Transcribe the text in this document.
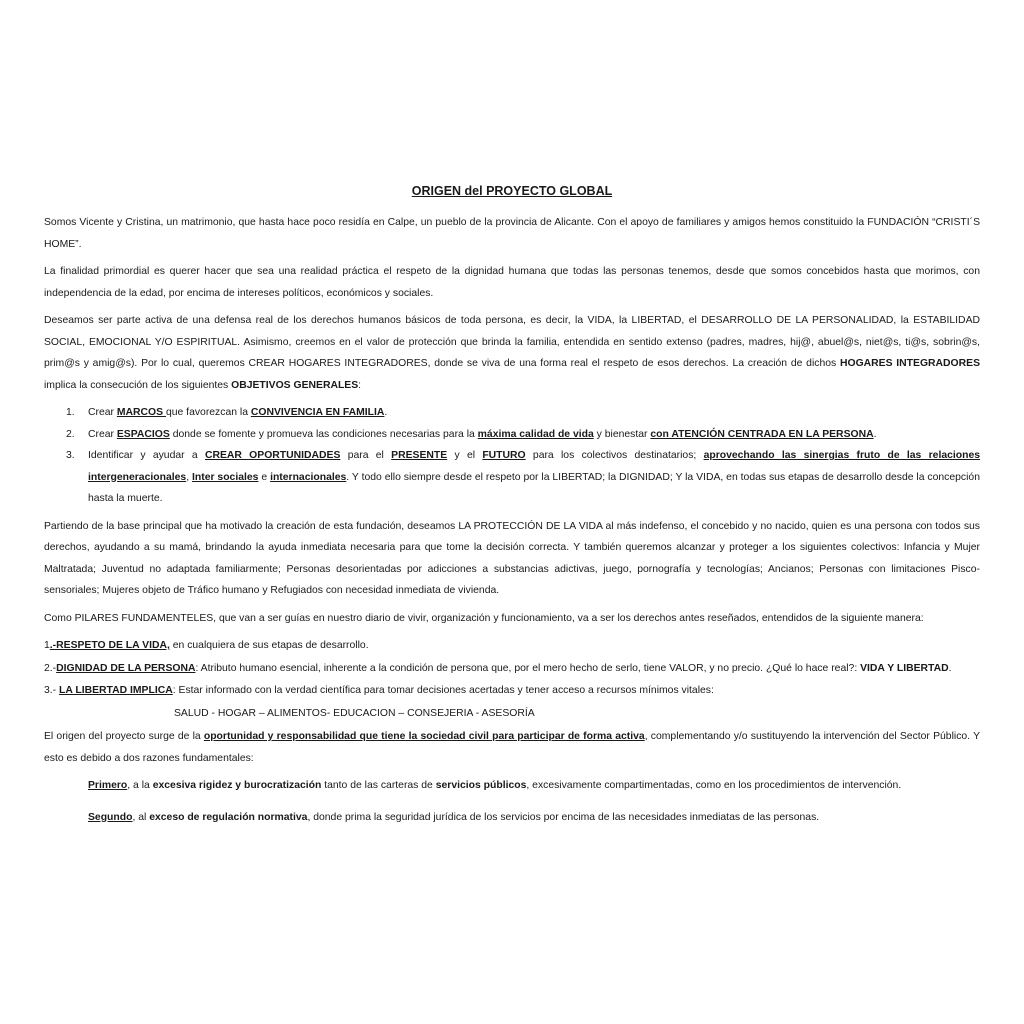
ORIGEN del PROYECTO GLOBAL

Somos Vicente y Cristina, un matrimonio, que hasta hace poco residía en Calpe, un pueblo de la provincia de Alicante. Con el apoyo de familiares y amigos hemos constituido la FUNDACIÓN “CRISTI´S HOME”.

La finalidad primordial es querer hacer que sea una realidad práctica el respeto de la dignidad humana que todas las personas tenemos, desde que somos concebidos hasta que morimos, con independencia de la edad, por encima de intereses políticos, económicos y sociales.

Deseamos ser parte activa de una defensa real de los derechos humanos básicos de toda persona, es decir, la VIDA, la LIBERTAD, el DESARROLLO DE LA PERSONALIDAD, la ESTABILIDAD SOCIAL, EMOCIONAL Y/O ESPIRITUAL. Asimismo, creemos en el valor de protección que brinda la familia, entendida en sentido extenso (padres, madres, hij@, abuel@s, niet@s, ti@s, sobrin@s, prim@s y amig@s). Por lo cual, queremos CREAR HOGARES INTEGRADORES, donde se viva de una forma real el respeto de esos derechos. La creación de dichos HOGARES INTEGRADORES implica la consecución de los siguientes OBJETIVOS GENERALES:

1. Crear MARCOS que favorezcan la CONVIVENCIA EN FAMILIA.
2. Crear ESPACIOS donde se fomente y promueva las condiciones necesarias para la máxima calidad de vida y bienestar con ATENCIÓN CENTRADA EN LA PERSONA.
3. Identificar y ayudar a CREAR OPORTUNIDADES para el PRESENTE y el FUTURO para los colectivos destinatarios; aprovechando las sinergias fruto de las relaciones intergeneracionales, Inter sociales e internacionales. Y todo ello siempre desde el respeto por la LIBERTAD; la DIGNIDAD; Y la VIDA, en todas sus etapas de desarrollo desde la concepción hasta la muerte.

Partiendo de la base principal que ha motivado la creación de esta fundación, deseamos LA PROTECCIÓN DE LA VIDA al más indefenso, el concebido y no nacido, quien es una persona con todos sus derechos, ayudando a su mamá, brindando la ayuda inmediata necesaria para que tome la decisión correcta. Y también queremos alcanzar y proteger a los siguientes colectivos: Infancia y Mujer Maltratada; Juventud no adaptada familiarmente; Personas desorientadas por adicciones a substancias adictivas, juego, pornografía y tecnologías; Ancianos; Personas con limitaciones Pisco-sensoriales; Mujeres objeto de Tráfico humano y Refugiados con necesidad inmediata de vivienda.

Como PILARES FUNDAMENTELES, que van a ser guías en nuestro diario de vivir, organización y funcionamiento, va a ser los derechos antes reseñados, entendidos de la siguiente manera:

1.-RESPETO DE LA VIDA, en cualquiera de sus etapas de desarrollo.
2.-DIGNIDAD DE LA PERSONA: Atributo humano esencial, inherente a la condición de persona que, por el mero hecho de serlo, tiene VALOR, y no precio. ¿Qué lo hace real?: VIDA Y LIBERTAD.
3.- LA LIBERTAD IMPLICA: Estar informado con la verdad científica para tomar decisiones acertadas y tener acceso a recursos mínimos vitales:
SALUD - HOGAR – ALIMENTOS- EDUCACION – CONSEJERIA - ASESORÍA

El origen del proyecto surge de la oportunidad y responsabilidad que tiene la sociedad civil para participar de forma activa, complementando y/o sustituyendo la intervención del Sector Público. Y esto es debido a dos razones fundamentales:

Primero, a la excesiva rigidez y burocratización tanto de las carteras de servicios públicos, excesivamente compartimentadas, como en los procedimientos de intervención.
Segundo, al exceso de regulación normativa, donde prima la seguridad jurídica de los servicios por encima de las necesidades inmediatas de las personas.
